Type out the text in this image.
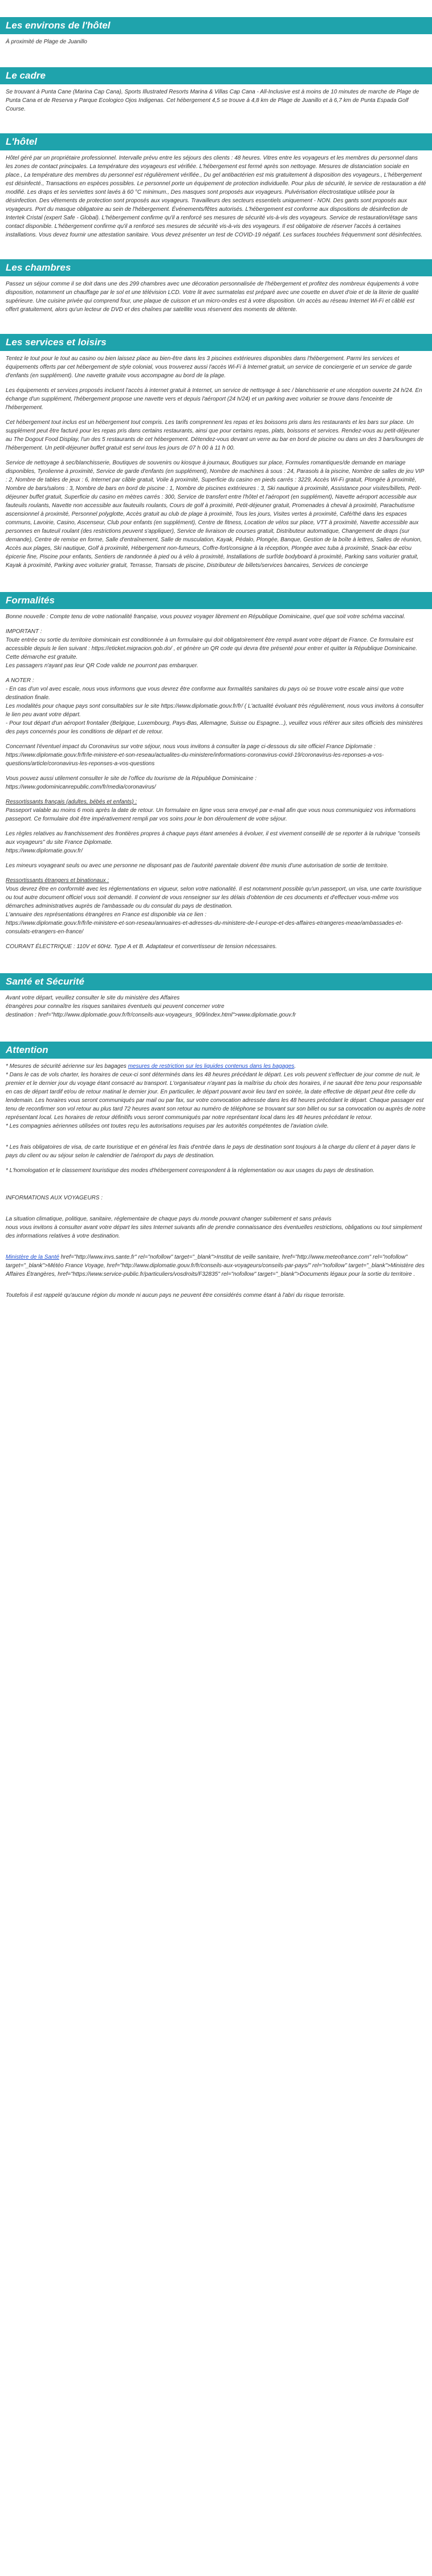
Les environs de l'hôtel

À proximité de Plage de Juanillo

Le cadre

Se trouvant à Punta Cane (Marina Cap Cana), Sports Illustrated Resorts Marina & Villas Cap Cana - All-Inclusive est à moins de 10 minutes de marche de Plage de Punta Cana et de Reserva y Parque Ecologico Ojos Indigenas. Cet hébergement 4,5 se trouve à 4,8 km de Plage de Juanillo et à 6,7 km de Punta Espada Golf Course.

L'hôtel

Hôtel géré par un propriétaire professionnel. Intervalle prévu entre les séjours des clients : 48 heures. Vitres entre les voyageurs et les membres du personnel dans les zones de contact principales. La température des voyageurs est vérifiée. L'hébergement est fermé après son nettoyage. Mesures de distanciation sociale en place., La température des membres du personnel est régulièrement vérifiée., Du gel antibactérien est mis gratuitement à disposition des voyageurs., L'hébergement est désinfecté., Transactions en espèces possibles. Le personnel porte un équipement de protection individuelle. Pour plus de sécurité, le service de restauration a été modifié. Les draps et les serviettes sont lavés à 60 °C minimum., Des masques sont proposés aux voyageurs. Pulvérisation électrostatique utilisée pour la désinfection. Des vêtements de protection sont proposés aux voyageurs. Travailleurs des secteurs essentiels uniquement - NON. Des gants sont proposés aux voyageurs. Port du masque obligatoire au sein de l'hébergement. Événements/fêtes autorisés. L'hébergement est conforme aux dispositions de désinfection de Intertek Cristal (expert Safe - Global). L'hébergement confirme qu'il a renforcé ses mesures de sécurité vis-à-vis des voyageurs. Service de restauration/étage sans contact disponible. L'hébergement confirme qu'il a renforcé ses mesures de sécurité vis-à-vis des voyageurs. Il est obligatoire de réserver l'accès à certaines installations. Vous devez fournir une attestation sanitaire. Vous devez présenter un test de COVID-19 négatif. Les surfaces touchées fréquemment sont désinfectées.

Les chambres

Passez un séjour comme il se doit dans une des 299 chambres avec une décoration personnalisée de l'hébergement et profitez des nombreux équipements à votre disposition, notamment un chauffage par le sol et une télévision LCD. Votre lit avec surmatelas est préparé avec une couette en duvet d'oie et de la literie de qualité supérieure. Une cuisine privée qui comprend four, une plaque de cuisson et un micro-ondes est à votre disposition. Un accès au réseau Internet Wi-Fi et câblé est offert gratuitement, alors qu'un lecteur de DVD et des chaînes par satellite vous réservent des moments de détente.

Les services et loisirs

Tentez le tout pour le tout au casino ou bien laissez place au bien-être dans les 3 piscines extérieures disponibles dans l'hébergement. Parmi les services et équipements offerts par cet hébergement de style colonial, vous trouverez aussi l'accès Wi-Fi à Internet gratuit, un service de conciergerie et un service de garde d'enfants (en supplément). Une navette gratuite vous accompagne au bord de la plage.

Les équipements et services proposés incluent l'accès à internet gratuit à Internet, un service de nettoyage à sec / blanchisserie et une réception ouverte 24 h/24. En échange d'un supplément, l'hébergement propose une navette vers et depuis l'aéroport (24 h/24) et un parking avec voiturier se trouve dans l'enceinte de l'hébergement.

Cet hébergement tout inclus est un hébergement tout compris. Les tarifs comprennent les repas et les boissons pris dans les restaurants et les bars sur place. Un supplément peut être facturé pour les repas pris dans certains restaurants, ainsi que pour certains repas, plats, boissons et services. Rendez-vous au petit-déjeuner au The Dogout Food Display, l'un des 5 restaurants de cet hébergement. Détendez-vous devant un verre au bar en bord de piscine ou dans un des 3 bars/lounges de l'hébergement. Un petit-déjeuner buffet gratuit est servi tous les jours de 07 h 00 à 11 h 00.

Service de nettoyage à sec/blanchisserie, Boutiques de souvenirs ou kiosque à journaux, Boutiques sur place, Formules romantiques/de demande en mariage disponibles, Tyrolienne à proximité, Service de garde d'enfants (en supplément), Nombre de machines à sous : 24, Parasols à la piscine, Nombre de salles de jeu VIP : 2, Nombre de tables de jeux : 6, Internet par câble gratuit, Voile à proximité, Superficie du casino en pieds carrés : 3229, Accès Wi-Fi gratuit, Plongée à proximité, Nombre de bars/salons : 3, Nombre de bars en bord de piscine : 1, Nombre de piscines extérieures : 3, Ski nautique à proximité, Assistance pour visites/billets, Petit-déjeuner buffet gratuit, Superficie du casino en mètres carrés : 300, Service de transfert entre l'hôtel et l'aéroport (en supplément), Navette aéroport accessible aux fauteuils roulants, Navette non accessible aux fauteuils roulants, Cours de golf à proximité, Petit-déjeuner gratuit, Promenades à cheval à proximité, Parachutisme ascensionnel à proximité, Personnel polyglotte, Accès gratuit au club de plage à proximité, Tous les jours, Visites vertes à proximité, Café/thé dans les espaces communs, Lavoirie, Casino, Ascenseur, Club pour enfants (en supplément), Centre de fitness, Location de vélos sur place, VTT à proximité, Navette accessible aux personnes en fauteuil roulant (des restrictions peuvent s'appliquer), Service de livraison de courses gratuit, Distributeur automatique, Changement de draps (sur demande), Centre de remise en forme, Salle d'entraînement, Salle de musculation, Kayak, Pédalo, Plongée, Banque, Gestion de la boîte à lettres, Salles de réunion, Accès aux plages, Ski nautique, Golf à proximité, Hébergement non-fumeurs, Coffre-fort/consigne à la réception, Plongée avec tuba à proximité, Snack-bar et/ou épicerie fine, Piscine pour enfants, Sentiers de randonnée à pied ou à vélo à proximité, Installations de surf/de bodyboard à proximité, Parking sans voiturier gratuit, Kayak à proximité, Parking avec voiturier gratuit, Terrasse, Transats de piscine, Distributeur de billets/services bancaires, Services de concierge

Formalités

Bonne nouvelle : Compte tenu de votre nationalité française, vous pouvez voyager librement en République Dominicaine, quel que soit votre schéma vaccinal.

IMPORTANT :

Toute entrée ou sortie du territoire dominicain est conditionnée à un formulaire qui doit obligatoirement être rempli avant votre départ de France. Ce formulaire est accessible depuis le lien suivant : https://eticket.migracion.gob.do/ , et génère un QR code qui devra être présenté pour entrer et quitter la République Dominicaine. Cette démarche est gratuite.

Les passagers n'ayant pas leur QR Code valide ne pourront pas embarquer.

A NOTER :

- En cas d'un vol avec escale, nous vous informons que vous devrez être conforme aux formalités sanitaires du pays où se trouve votre escale ainsi que votre destination finale.

Les modalités pour chaque pays sont consultables sur le site https://www.diplomatie.gouv.fr/fr/ ( L'actualité évoluant très régulièrement, nous vous invitons à consulter le lien peu avant votre départ.

- Pour tout départ d'un aéroport frontalier (Belgique, Luxembourg, Pays-Bas, Allemagne, Suisse ou Espagne...), veuillez vous référer aux sites officiels des ministères des pays concernés pour les conditions de départ et de retour.

Concernant l'éventuel impact du Coronavirus sur votre séjour, nous vous invitons à consulter la page ci-dessous du site officiel France Diplomatie :

https://www.diplomatie.gouv.fr/fr/le-ministere-et-son-reseau/actualites-du-ministere/informations-coronavirus-covid-19/coronavirus-les-reponses-a-vos-questions/article/coronavirus-les-reponses-a-vos-questions

Vous pouvez aussi utilement consulter le site de l'office du tourisme de la République Dominicaine :

https://www.godominicanrepublic.com/fr/media/coronavirus/

Ressortissants français (adultes, bébés et enfants) :

Passeport valable au moins 6 mois après la date de retour. Un formulaire en ligne vous sera envoyé par e-mail afin que vous nous communiquiez vos informations passeport. Ce formulaire doit être impérativement rempli par vos soins pour le bon déroulement de votre séjour.

Les règles relatives au franchissement des frontières propres à chaque pays étant amenées à évoluer, il est vivement conseillé de se reporter à la rubrique "conseils aux voyageurs" du site France Diplomatie.

https://www.diplomatie.gouv.fr/

Les mineurs voyageant seuls ou avec une personne ne disposant pas de l'autorité parentale doivent être munis d'une autorisation de sortie de territoire.

Ressortissants étrangers et binationaux :

Vous devrez être en conformité avec les réglementations en vigueur, selon votre nationalité. Il est notamment possible qu'un passeport, un visa, une carte touristique ou tout autre document officiel vous soit demandé. Il convient de vous renseigner sur les délais d'obtention de ces documents et d'effectuer vous-même vos démarches administratives auprès de l'ambassade ou du consulat du pays de destination.

L'annuaire des représentations étrangères en France est disponible via ce lien :

https://www.diplomatie.gouv.fr/fr/le-ministere-et-son-reseau/annuaires-et-adresses-du-ministere-de-l-europe-et-des-affaires-etrangeres-meae/ambassades-et-consulats-etrangers-en-france/

COURANT ÉLECTRIQUE : 110V et 60Hz. Type A et B. Adaptateur et convertisseur de tension nécessaires.

Santé et Sécurité

Avant votre départ, veuillez consulter le site du ministère des Affaires

étrangères pour connaître les risques sanitaires éventuels qui peuvent concerner votre

destination : href="http://www.diplomatie.gouv.fr/fr/conseils-aux-voyageurs_909/index.html">www.diplomatie.gouv.fr

Attention

* Mesures de sécurité aérienne sur les bagages mesures de restriction sur les liquides contenus dans les bagages.

* Dans le cas de vols charter, les horaires de ceux-ci sont déterminés dans les 48 heures précédant le départ. Les vols peuvent s'effectuer de jour comme de nuit, le premier et le dernier jour du voyage étant consacré au transport. L'organisateur n'ayant pas la maîtrise du choix des horaires, il ne saurait être tenu pour responsable en cas de départ tardif et/ou de retour matinal le dernier jour. En particulier, le départ pouvant avoir lieu tard en soirée, la date effective de départ peut être celle du lendemain. Les horaires vous seront communiqués par mail ou par fax, sur votre convocation adressée dans les 48 heures précédant le départ. Chaque passager est tenu de reconfirmer son vol retour au plus tard 72 heures avant son retour au numéro de téléphone se trouvant sur son billet ou sur sa convocation ou auprès de notre représentant local. Les horaires de retour définitifs vous seront communiqués par notre représentant local dans les 48 heures précédant le retour.

* Les compagnies aériennes utilisées ont toutes reçu les autorisations requises par les autorités compétentes de l'aviation civile.

* Les frais obligatoires de visa, de carte touristique et en général les frais d'entrée dans le pays de destination sont toujours à la charge du client et à payer dans le pays du client ou au séjour selon le calendrier de l'aéroport du pays de destination.

* L'homologation et le classement touristique des modes d'hébergement correspondent à la réglementation ou aux usages du pays de destination.

INFORMATIONS AUX VOYAGEURS :

La situation climatique, politique, sanitaire, réglementaire de chaque pays du monde pouvant changer subitement et sans préavis

nous vous invitons à consulter avant votre départ les sites Internet suivants afin de prendre connaissance des éventuelles restrictions, obligations ou tout simplement des informations relatives à votre destination.

Ministère de la Santé href="http://www.invs.sante.fr" rel="nofollow" target="_blank">Institut de veille sanitaire, href="http://www.meteofrance.com" rel="nofollow" target="_blank">Météo France Voyage, href="http://www.diplomatie.gouv.fr/fr/conseils-aux-voyageurs/conseils-par-pays/" rel="nofollow" target="_blank">Ministère des Affaires Étrangères, href="https://www.service-public.fr/particuliers/vosdroits/F32835" rel="nofollow" target="_blank">Documents légaux pour la sortie du territoire .

Toutefois il est rappelé qu'aucune région du monde ni aucun pays ne peuvent être considérés comme étant à l'abri du risque terroriste.
